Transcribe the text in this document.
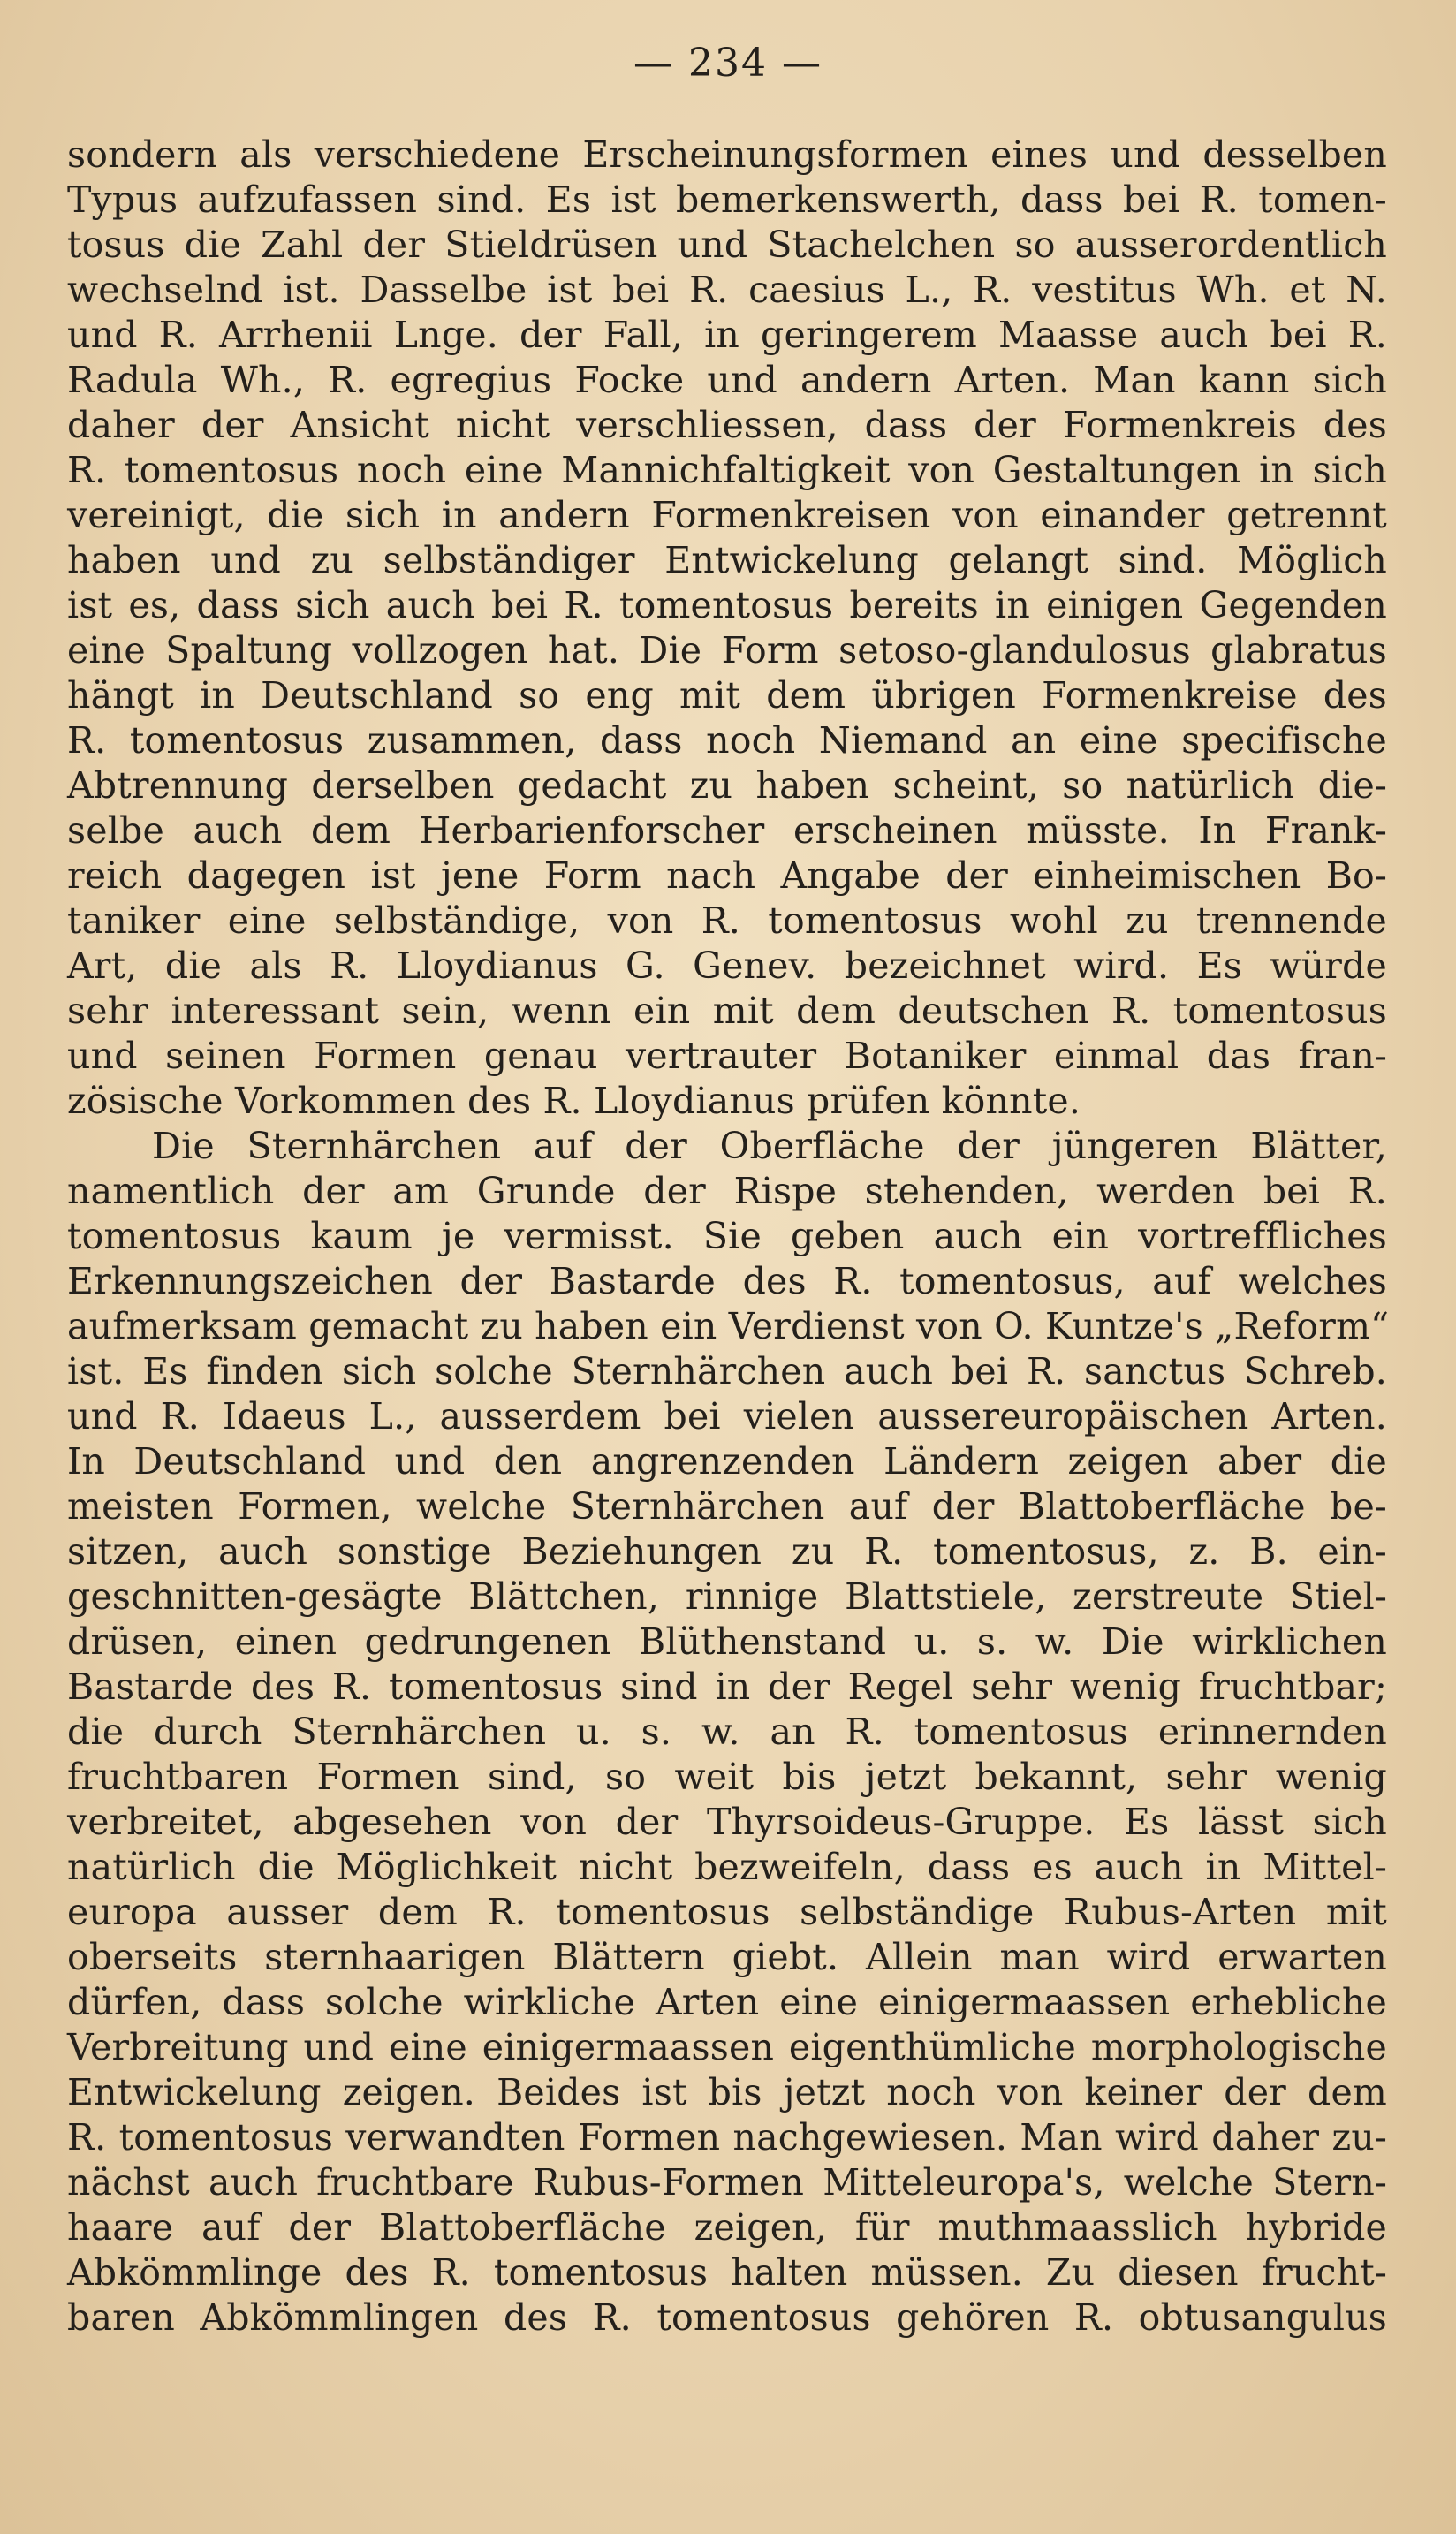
— 234 —
sondern als verschiedene Erscheinungsformen eines und desselben
Typus aufzufassen sind. Es ist bemerkenswerth, dass bei R. tomen-
tosus die Zahl der Stieldrüsen und Stachelchen so ausserordentlich
wechselnd ist. Dasselbe ist bei R. caesius L., R. vestitus Wh. et N.
und R. Arrhenii Lnge. der Fall, in geringerem Maasse auch bei R.
Radula Wh., R. egregius Focke und andern Arten. Man kann sich
daher der Ansicht nicht verschliessen, dass der Formenkreis des
R. tomentosus noch eine Mannichfaltigkeit von Gestaltungen in sich
vereinigt, die sich in andern Formenkreisen von einander getrennt
haben und zu selbständiger Entwickelung gelangt sind. Möglich
ist es, dass sich auch bei R. tomentosus bereits in einigen Gegenden
eine Spaltung vollzogen hat. Die Form setoso-glandulosus glabratus
hängt in Deutschland so eng mit dem übrigen Formenkreise des
R. tomentosus zusammen, dass noch Niemand an eine specifische
Abtrennung derselben gedacht zu haben scheint, so natürlich die-
selbe auch dem Herbarienforscher erscheinen müsste. In Frank-
reich dagegen ist jene Form nach Angabe der einheimischen Bo-
taniker eine selbständige, von R. tomentosus wohl zu trennende
Art, die als R. Lloydianus G. Genev. bezeichnet wird. Es würde
sehr interessant sein, wenn ein mit dem deutschen R. tomentosus
und seinen Formen genau vertrauter Botaniker einmal das fran-
zösische Vorkommen des R. Lloydianus prüfen könnte.
Die Sternhärchen auf der Oberfläche der jüngeren Blätter,
namentlich der am Grunde der Rispe stehenden, werden bei R.
tomentosus kaum je vermisst. Sie geben auch ein vortreffliches
Erkennungszeichen der Bastarde des R. tomentosus, auf welches
aufmerksam gemacht zu haben ein Verdienst von O. Kuntze's „Reform“
ist. Es finden sich solche Sternhärchen auch bei R. sanctus Schreb.
und R. Idaeus L., ausserdem bei vielen aussereuropäischen Arten.
In Deutschland und den angrenzenden Ländern zeigen aber die
meisten Formen, welche Sternhärchen auf der Blattoberfläche be-
sitzen, auch sonstige Beziehungen zu R. tomentosus, z. B. ein-
geschnitten-gesägte Blättchen, rinnige Blattstiele, zerstreute Stiel-
drüsen, einen gedrungenen Blüthenstand u. s. w. Die wirklichen
Bastarde des R. tomentosus sind in der Regel sehr wenig fruchtbar;
die durch Sternhärchen u. s. w. an R. tomentosus erinnernden
fruchtbaren Formen sind, so weit bis jetzt bekannt, sehr wenig
verbreitet, abgesehen von der Thyrsoideus-Gruppe. Es lässt sich
natürlich die Möglichkeit nicht bezweifeln, dass es auch in Mittel-
europa ausser dem R. tomentosus selbständige Rubus-Arten mit
oberseits sternhaarigen Blättern giebt. Allein man wird erwarten
dürfen, dass solche wirkliche Arten eine einigermaassen erhebliche
Verbreitung und eine einigermaassen eigenthümliche morphologische
Entwickelung zeigen. Beides ist bis jetzt noch von keiner der dem
R. tomentosus verwandten Formen nachgewiesen. Man wird daher zu-
nächst auch fruchtbare Rubus-Formen Mitteleuropa's, welche Stern-
haare auf der Blattoberfläche zeigen, für muthmaasslich hybride
Abkömmlinge des R. tomentosus halten müssen. Zu diesen frucht-
baren Abkömmlingen des R. tomentosus gehören R. obtusangulus
